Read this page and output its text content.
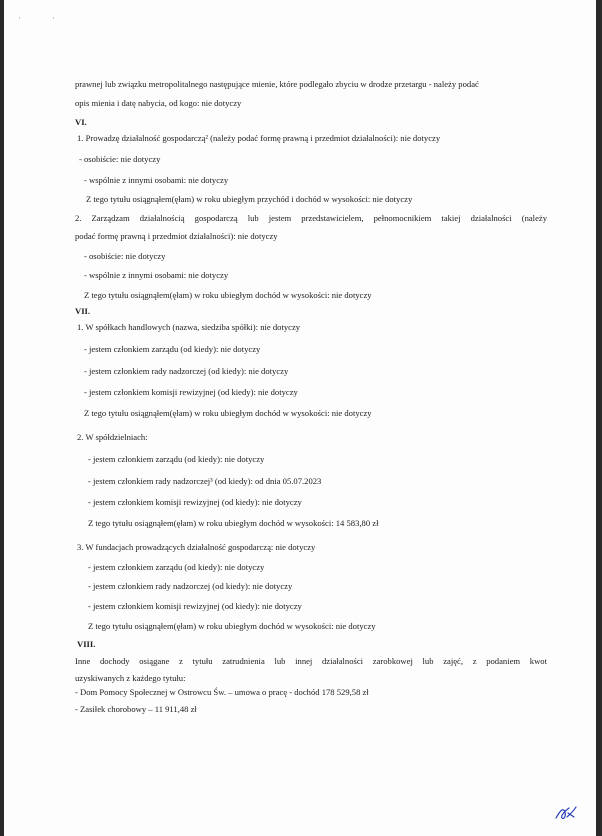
·	·
prawnej lub związku metropolitalnego następujące mienie, które podlegało zbyciu w drodze przetargu - należy podać
opis mienia i datę nabycia, od kogo: nie dotyczy
VI.
1. Prowadzę działalność gospodarczą² (należy podać formę prawną i przedmiot działalności): nie dotyczy
- osobiście: nie dotyczy
- wspólnie z innymi osobami: nie dotyczy
Z tego tytułu osiągnąłem(ęłam) w roku ubiegłym przychód i dochód w wysokości: nie dotyczy
2. Zarządzam działalnością gospodarczą lub jestem przedstawicielem, pełnomocnikiem takiej działalności (należy
podać formę prawną i przedmiot działalności): nie dotyczy
- osobiście: nie dotyczy
- wspólnie z innymi osobami: nie dotyczy
Z tego tytułu osiągnąłem(ęłam) w roku ubiegłym dochód w wysokości: nie dotyczy
VII.
1. W spółkach handlowych (nazwa, siedziba spółki): nie dotyczy
- jestem członkiem zarządu (od kiedy): nie dotyczy
- jestem członkiem rady nadzorczej (od kiedy): nie dotyczy
- jestem członkiem komisji rewizyjnej (od kiedy): nie dotyczy
Z tego tytułu osiągnąłem(ęłam) w roku ubiegłym dochód w wysokości: nie dotyczy
2. W spółdzielniach:
- jestem członkiem zarządu (od kiedy): nie dotyczy
- jestem członkiem rady nadzorczej³ (od kiedy): od dnia 05.07.2023
- jestem członkiem komisji rewizyjnej (od kiedy): nie dotyczy
Z tego tytułu osiągnąłem(ęłam) w roku ubiegłym dochód w wysokości: 14 583,80 zł
3. W fundacjach prowadzących działalność gospodarczą: nie dotyczy
- jestem członkiem zarządu (od kiedy): nie dotyczy
- jestem członkiem rady nadzorczej (od kiedy): nie dotyczy
- jestem członkiem komisji rewizyjnej (od kiedy): nie dotyczy
Z tego tytułu osiągnąłem(ęłam) w roku ubiegłym dochód w wysokości: nie dotyczy
VIII.
Inne dochody osiągane z tytułu zatrudnienia lub innej działalności zarobkowej lub zajęć, z podaniem kwot
uzyskiwanych z każdego tytułu:
- Dom Pomocy Społecznej w Ostrowcu Św. – umowa o pracę - dochód 178 529,58 zł
- Zasiłek chorobowy – 11 911,48 zł
